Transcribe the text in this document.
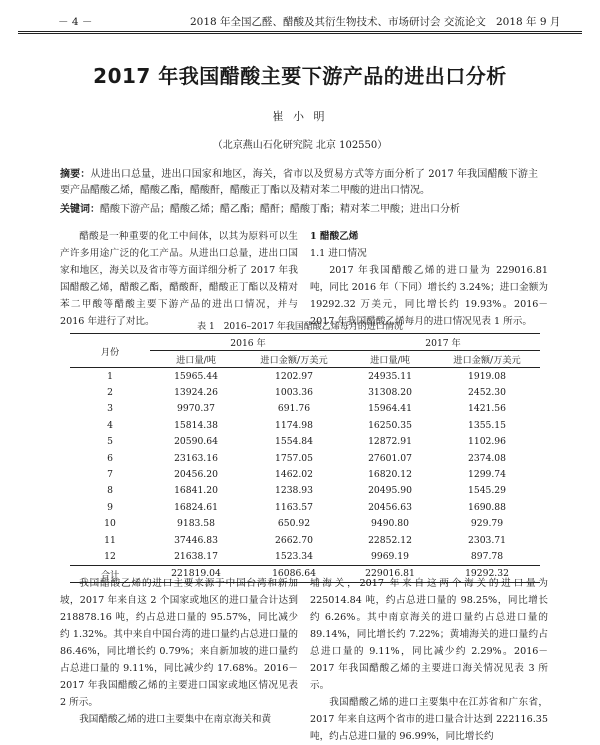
－ 4 －	2018 年全国乙醛、醋酸及其衍生物技术、市场研讨会 交流论文 2018 年 9 月
2017 年我国醋酸主要下游产品的进出口分析
崔 小 明
（北京燕山石化研究院 北京 102550）
摘要：从进出口总量，进出口国家和地区，海关，省市以及贸易方式等方面分析了 2017 年我国醋酸下游主要产品醋酸乙烯，醋酸乙酯，醋酸酐，醋酸正丁酯以及精对苯二甲酸的进出口情况。
关键词：醋酸下游产品；醋酸乙烯；醋乙酯；醋酐；醋酸丁酯；精对苯二甲酸；进出口分析
醋酸是一种重要的化工中间体，以其为原料可以生产许多用途广泛的化工产品。从进出口总量，进出口国家和地区，海关以及省市等方面详细分析了 2017 年我国醋酸乙烯，醋酸乙酯，醋酸酐，醋酸正丁酯以及精对苯二甲酸等醋酸主要下游产品的进出口情况，并与 2016 年进行了对比。
1 醋酸乙烯
1.1 进口情况
2017 年我国醋酸乙烯的进口量为 229016.81 吨，同比 2016 年（下同）增长约 3.24%；进口金额为 19292.32 万美元，同比增长约 19.93%。2016－2017 年我国醋酸乙烯每月的进口情况见表 1 所示。
表 1　2016–2017 年我国醋酸乙烯每月的进口情况
月份	2016 年		2017 年	
	进口量/吨	进口金额/万美元	进口量/吨	进口金额/万美元
1	15965.44	1202.97	24935.11	1919.08
2	13924.26	1003.36	31308.20	2452.30
3	9970.37	691.76	15964.41	1421.56
4	15814.38	1174.98	16250.35	1355.15
5	20590.64	1554.84	12872.91	1102.96
6	23163.16	1757.05	27601.07	2374.08
7	20456.20	1462.02	16820.12	1299.74
8	16841.20	1238.93	20495.90	1545.29
9	16824.61	1163.57	20456.63	1690.88
10	9183.58	650.92	9490.80	929.79
11	37446.83	2662.70	22852.12	2303.71
12	21638.17	1523.34	9969.19	897.78
合计	221819.04	16086.64	229016.81	19292.32
我国醋酸乙烯的进口主要来源于中国台湾和新加坡，2017 年来自这 2 个国家或地区的进口量合计达到 218878.16 吨，约占总进口量的 95.57%，同比减少约 1.32%。其中来自中国台湾的进口量约占总进口量的 86.46%，同比增长约 0.79%；来自新加坡的进口量约占总进口量的 9.11%，同比减少约 17.68%。2016－2017 年我国醋酸乙烯的主要进口国家或地区情况见表 2 所示。
我国醋酸乙烯的进口主要集中在南京海关和黄
埔海关，2017 年来自这两个海关的进口量为 225014.84 吨，约占总进口量的 98.25%，同比增长约 6.26%。其中南京海关的进口量约占总进口量的 89.14%，同比增长约 7.22%；黄埔海关的进口量约占总进口量的 9.11%，同比减少约 2.29%。2016－2017 年我国醋酸乙烯的主要进口海关情况见表 3 所示。
我国醋酸乙烯的进口主要集中在江苏省和广东省，2017 年来自这两个省市的进口量合计达到 222116.35 吨，约占总进口量的 96.99%，同比增长约
